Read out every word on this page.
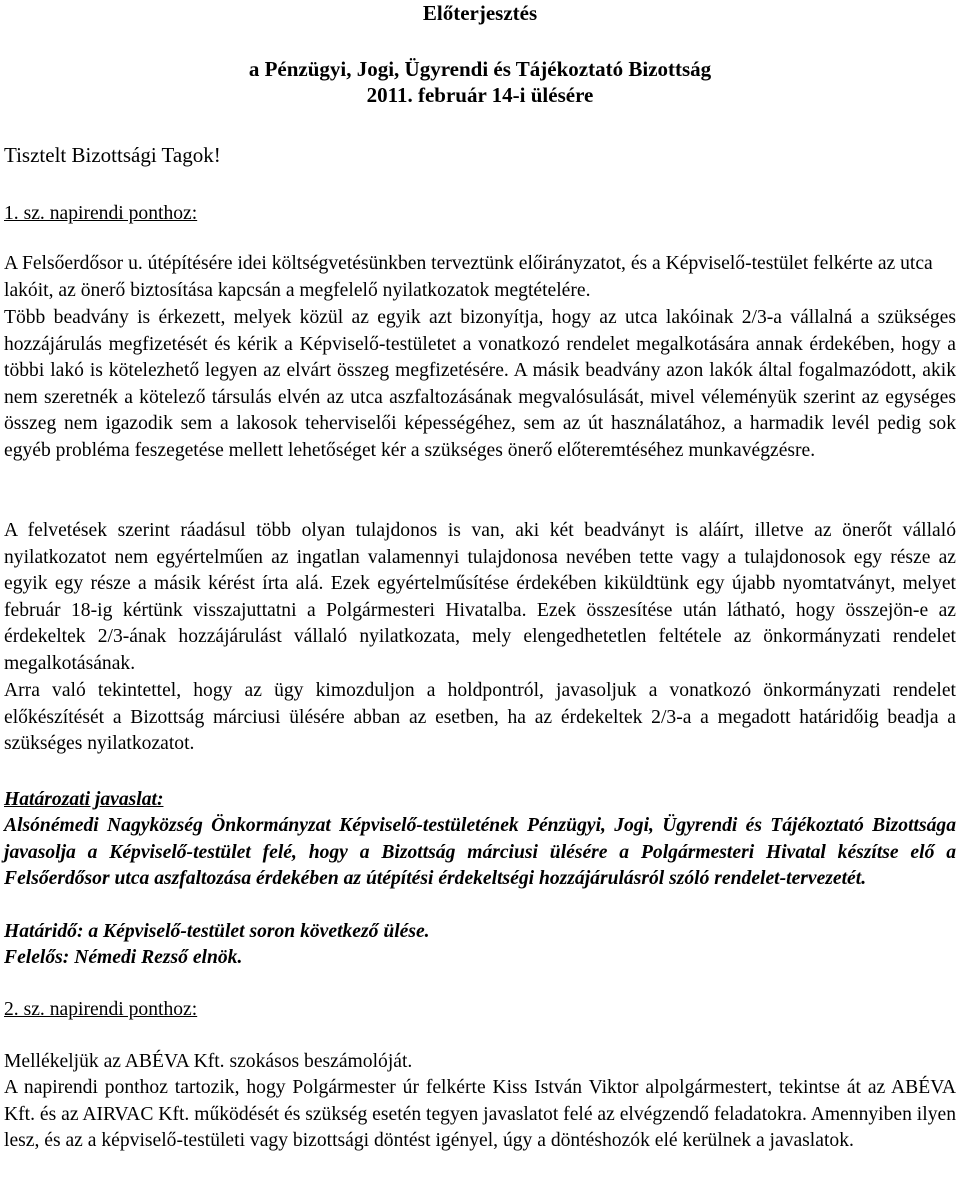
Előterjesztés

a Pénzügyi, Jogi, Ügyrendi és Tájékoztató Bizottság

2011. február 14-i ülésére

Tisztelt Bizottsági Tagok!

1. sz. napirendi ponthoz:

A Felsőerdősor u. útépítésére idei költségvetésünkben terveztünk előirányzatot, és a Képviselő-testület felkérte az utca lakóit, az önerő biztosítása kapcsán a megfelelő nyilatkozatok megtételére.

Több beadvány is érkezett, melyek közül az egyik azt bizonyítja, hogy az utca lakóinak 2/3-a vállalná a szükséges hozzájárulás megfizetését és kérik a Képviselő-testületet a vonatkozó rendelet megalkotására annak érdekében, hogy a többi lakó is kötelezhető legyen az elvárt összeg megfizetésére. A másik beadvány azon lakók által fogalmazódott, akik nem szeretnék a kötelező társulás elvén az utca aszfaltozásának megvalósulását, mivel véleményük szerint az egységes összeg nem igazodik sem a lakosok teherviselői képességéhez, sem az út használatához, a harmadik levél pedig sok egyéb probléma feszegetése mellett lehetőséget kér a szükséges önerő előteremtéséhez munkavégzésre.

A felvetések szerint ráadásul több olyan tulajdonos is van, aki két beadványt is aláírt, illetve az önerőt vállaló nyilatkozatot nem egyértelműen az ingatlan valamennyi tulajdonosa nevében tette vagy a tulajdonosok egy része az egyik egy része a másik kérést írta alá. Ezek egyértelműsítése érdekében kiküldtünk egy újabb nyomtatványt, melyet február 18-ig kértünk visszajuttatni a Polgármesteri Hivatalba. Ezek összesítése után látható, hogy összejön-e az érdekeltek 2/3-ának hozzájárulást vállaló nyilatkozata, mely elengedhetetlen feltétele az önkormányzati rendelet megalkotásának.

Arra való tekintettel, hogy az ügy kimozduljon a holdpontról, javasoljuk a vonatkozó önkormányzati rendelet előkészítését a Bizottság márciusi ülésére abban az esetben, ha az érdekeltek 2/3-a a megadott határidőig beadja a szükséges nyilatkozatot.

Határozati javaslat:

Alsónémedi Nagyközség Önkormányzat Képviselő-testületének Pénzügyi, Jogi, Ügyrendi és Tájékoztató Bizottsága javasolja a Képviselő-testület felé, hogy a Bizottság márciusi ülésére a Polgármesteri Hivatal készítse elő a Felsőerdősor utca aszfaltozása érdekében az útépítési érdekeltségi hozzájárulásról szóló rendelet-tervezetét.

Határidő: a Képviselő-testület soron következő ülése.

Felelős: Némedi Rezső elnök.

2. sz. napirendi ponthoz:

Mellékeljük az ABÉVA Kft. szokásos beszámolóját.

A napirendi ponthoz tartozik, hogy Polgármester úr felkérte Kiss István Viktor alpolgármestert, tekintse át az ABÉVA Kft. és az AIRVAC Kft. működését és szükség esetén tegyen javaslatot felé az elvégzendő feladatokra. Amennyiben ilyen lesz, és az a képviselő-testületi vagy bizottsági döntést igényel, úgy a döntéshozók elé kerülnek a javaslatok.
